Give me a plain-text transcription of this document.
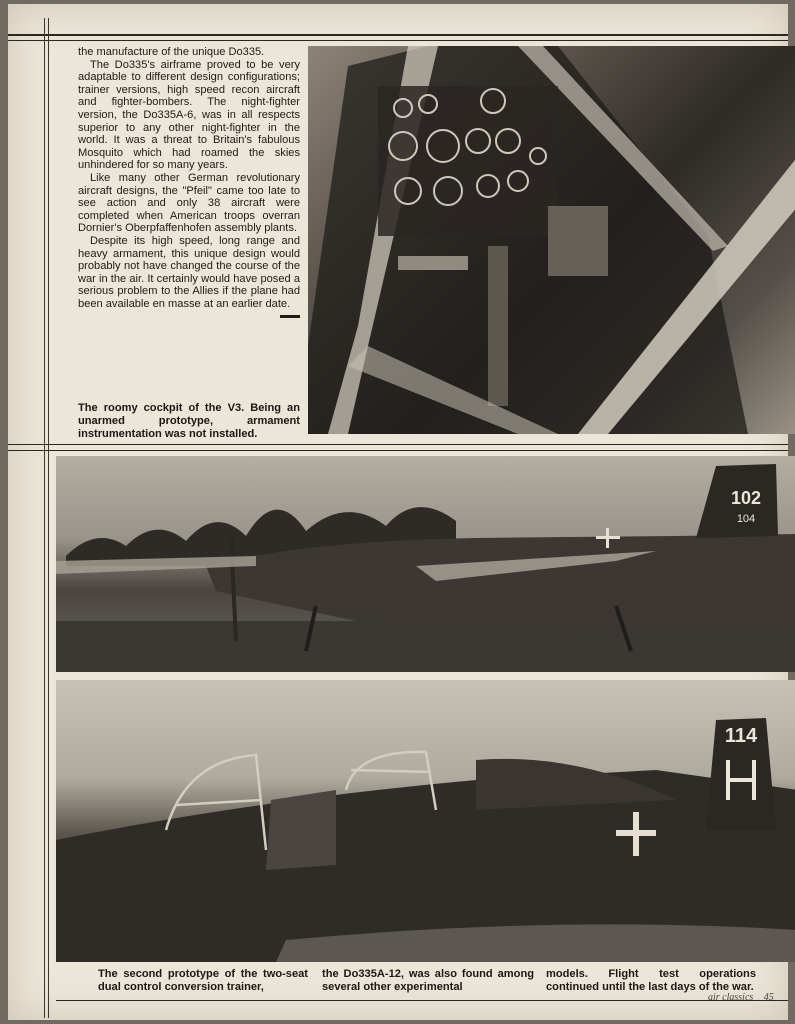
the manufacture of the unique Do335.

The Do335's airframe proved to be very adaptable to different design configurations; trainer versions, high speed recon aircraft and fighter-bombers. The night-fighter version, the Do335A-6, was in all respects superior to any other night-fighter in the world. It was a threat to Britain's fabulous Mosquito which had roamed the skies unhindered for so many years.

Like many other German revolutionary aircraft designs, the "Pfeil" came too late to see action and only 38 aircraft were completed when American troops overran Dornier's Oberpfaffenhofen assembly plants.

Despite its high speed, long range and heavy armament, this unique design would probably not have changed the course of the war in the air. It certainly would have posed a serious problem to the Allies if the plane had been available en masse at an earlier date.
▬▬

The roomy cockpit of the V3. Being an unarmed prototype, armament instrumentation was not installed.
102
104
114
The second prototype of the two-seat dual control conversion trainer,
the Do335A-12, was also found among several other experimental
models. Flight test operations continued until the last days of the war.
air classics 45
